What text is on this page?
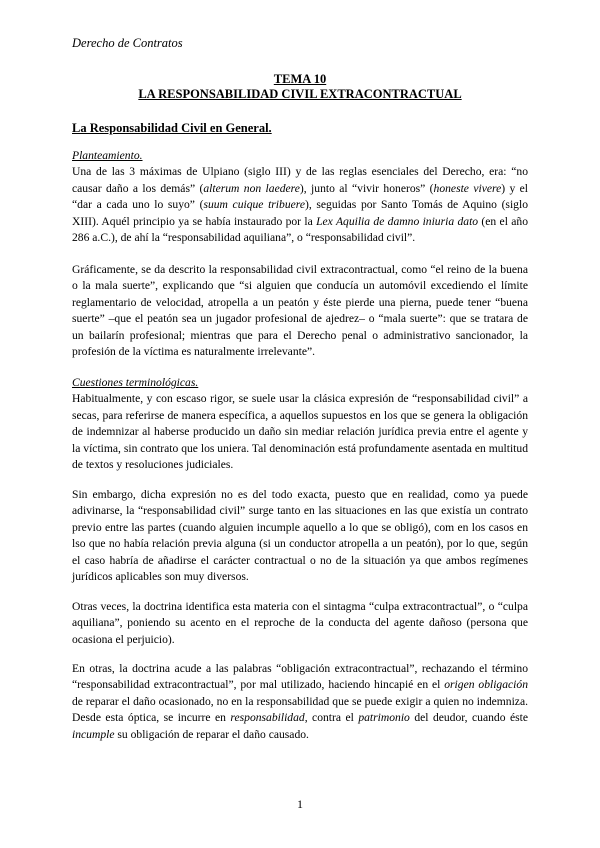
Derecho de Contratos
TEMA 10
LA RESPONSABILIDAD CIVIL EXTRACONTRACTUAL
La Responsabilidad Civil en General.

Planteamiento.

Una de las 3 máximas de Ulpiano (siglo III) y de las reglas esenciales del Derecho, era: “no causar daño a los demás” (alterum non laedere), junto al “vivir honeros” (honeste vivere) y el “dar a cada uno lo suyo” (suum cuique tribuere), seguidas por Santo Tomás de Aquino (siglo XIII). Aquél principio ya se había instaurado por la Lex Aquilia de damno iniuria dato (en el año 286 a.C.), de ahí la “responsabilidad aquiliana”, o “responsabilidad civil”.

Gráficamente, se da descrito la responsabilidad civil extracontractual, como “el reino de la buena o la mala suerte”, explicando que “si alguien que conducía un automóvil excediendo el límite reglamentario de velocidad, atropella a un peatón y éste pierde una pierna, puede tener “buena suerte” –que el peatón sea un jugador profesional de ajedrez– o “mala suerte”: que se tratara de un bailarín profesional; mientras que para el Derecho penal o administrativo sancionador, la profesión de la víctima es naturalmente irrelevante”.

Cuestiones terminológicas.

Habitualmente, y con escaso rigor, se suele usar la clásica expresión de “responsabilidad civil” a secas, para referirse de manera específica, a aquellos supuestos en los que se genera la obligación de indemnizar al haberse producido un daño sin mediar relación jurídica previa entre el agente y la víctima, sin contrato que los uniera. Tal denominación está profundamente asentada en multitud de textos y resoluciones judiciales.

Sin embargo, dicha expresión no es del todo exacta, puesto que en realidad, como ya puede adivinarse, la “responsabilidad civil” surge tanto en las situaciones en las que existía un contrato previo entre las partes (cuando alguien incumple aquello a lo que se obligó), com en los casos en lso que no había relación previa alguna (si un conductor atropella a un peatón), por lo que, según el caso habría de añadirse el carácter contractual o no de la situación ya que ambos regímenes jurídicos aplicables son muy diversos.
Otras veces, la doctrina identifica esta materia con el sintagma “culpa extracontractual”, o “culpa aquiliana”, poniendo su acento en el reproche de la conducta del agente dañoso (persona que ocasiona el perjuicio).
En otras, la doctrina acude a las palabras “obligación extracontractual”, rechazando el término “responsabilidad extracontractual”, por mal utilizado, haciendo hincapié en el origen obligación de reparar el daño ocasionado, no en la responsabilidad que se puede exigir a quien no indemniza. Desde esta óptica, se incurre en responsabilidad, contra el patrimonio del deudor, cuando éste incumple su obligación de reparar el daño causado.
1
